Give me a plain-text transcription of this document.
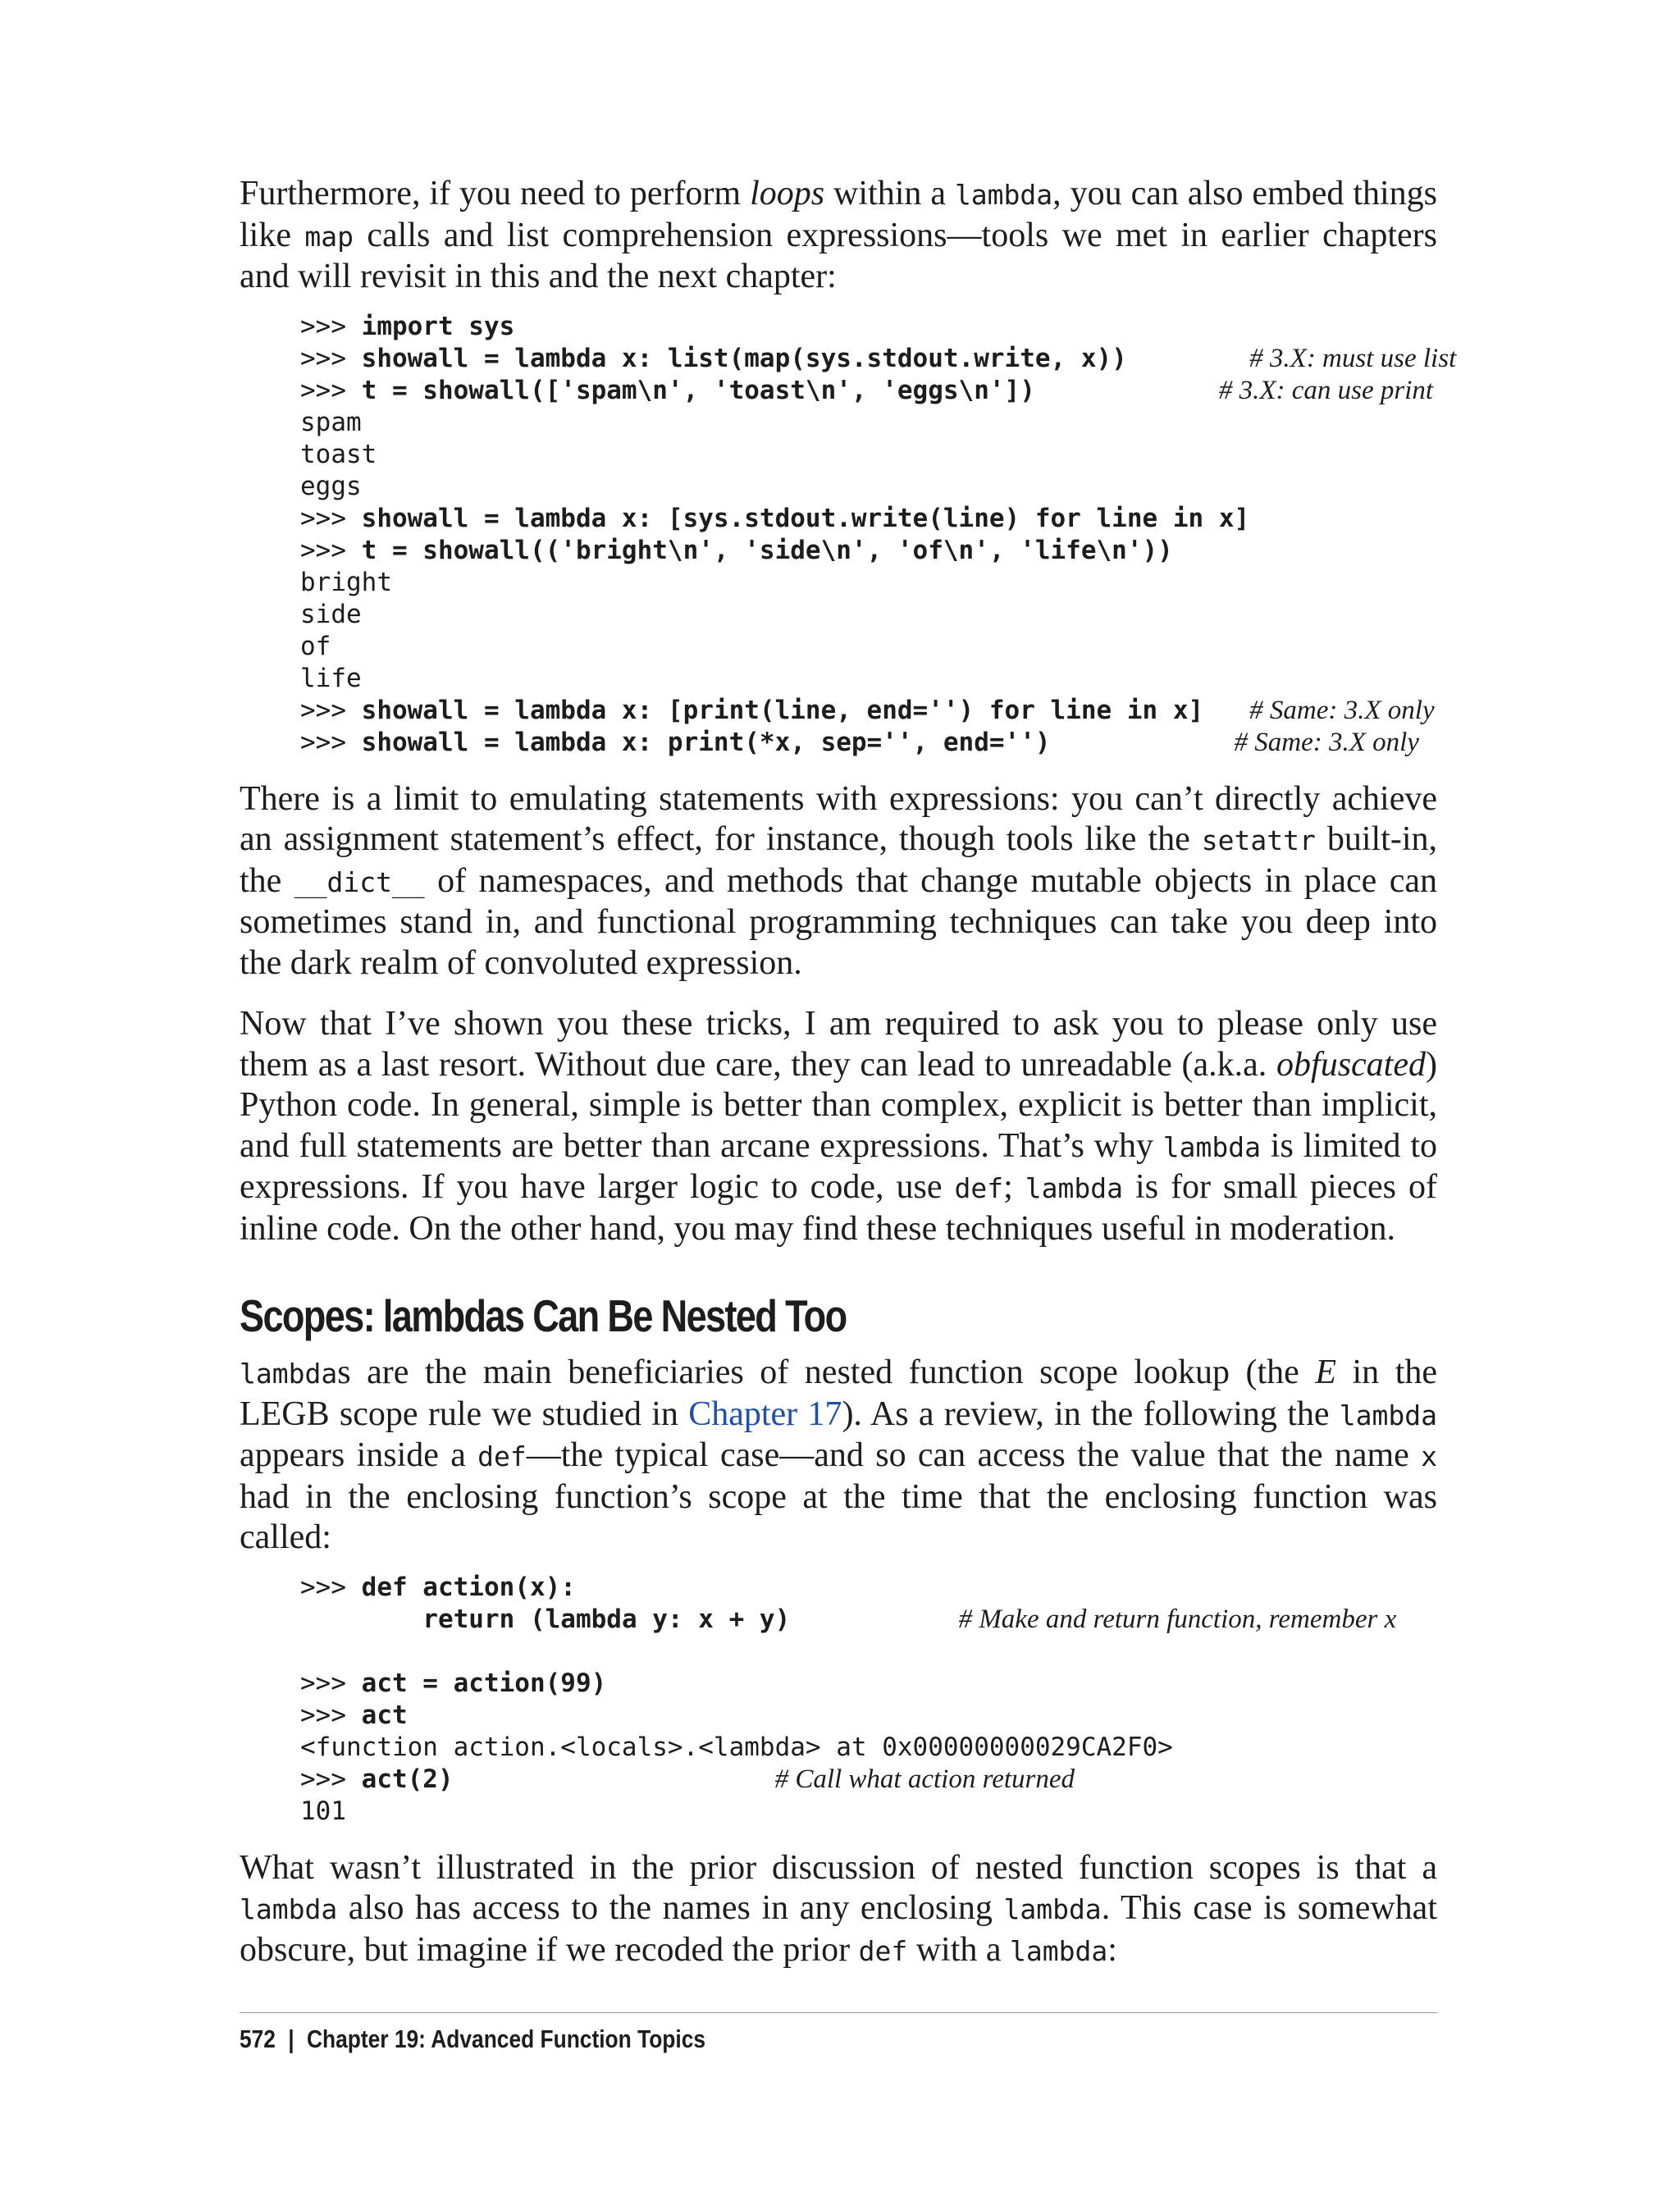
Furthermore, if you need to perform loops within a lambda, you can also embed things like map calls and list comprehension expressions—tools we met in earlier chapters and will revisit in this and the next chapter:

>>> import sys
>>> showall = lambda x: list(map(sys.stdout.write, x))	# 3.X: must use list
>>> t = showall(['spam\n', 'toast\n', 'eggs\n'])	# 3.X: can use print
spam
toast
eggs
>>> showall = lambda x: [sys.stdout.write(line) for line in x]
>>> t = showall(('bright\n', 'side\n', 'of\n', 'life\n'))
bright
side
of
life
>>> showall = lambda x: [print(line, end='') for line in x] # Same: 3.X only
>>> showall = lambda x: print(*x, sep='', end='')	# Same: 3.X only

There is a limit to emulating statements with expressions: you can’t directly achieve an assignment statement’s effect, for instance, though tools like the setattr built-in, the __dict__ of namespaces, and methods that change mutable objects in place can sometimes stand in, and functional programming techniques can take you deep into the dark realm of convoluted expression.

Now that I’ve shown you these tricks, I am required to ask you to please only use them as a last resort. Without due care, they can lead to unreadable (a.k.a. obfuscated) Python code. In general, simple is better than complex, explicit is better than implicit, and full statements are better than arcane expressions. That’s why lambda is limited to expressions. If you have larger logic to code, use def; lambda is for small pieces of inline code. On the other hand, you may find these techniques useful in moderation.

Scopes: lambdas Can Be Nested Too

lambdas are the main beneficiaries of nested function scope lookup (the E in the LEGB scope rule we studied in Chapter 17). As a review, in the following the lambda appears inside a def—the typical case—and so can access the value that the name x had in the enclosing function’s scope at the time that the enclosing function was called:

>>> def action(x):
return (lambda y: x + y)	# Make and return function, remember x

>>> act = action(99)
>>> act
<function action.<locals>.<lambda> at 0x00000000029CA2F0>
>>> act(2)	# Call what action returned
101

What wasn’t illustrated in the prior discussion of nested function scopes is that a lambda also has access to the names in any enclosing lambda. This case is somewhat obscure, but imagine if we recoded the prior def with a lambda:

572 | Chapter 19: Advanced Function Topics
